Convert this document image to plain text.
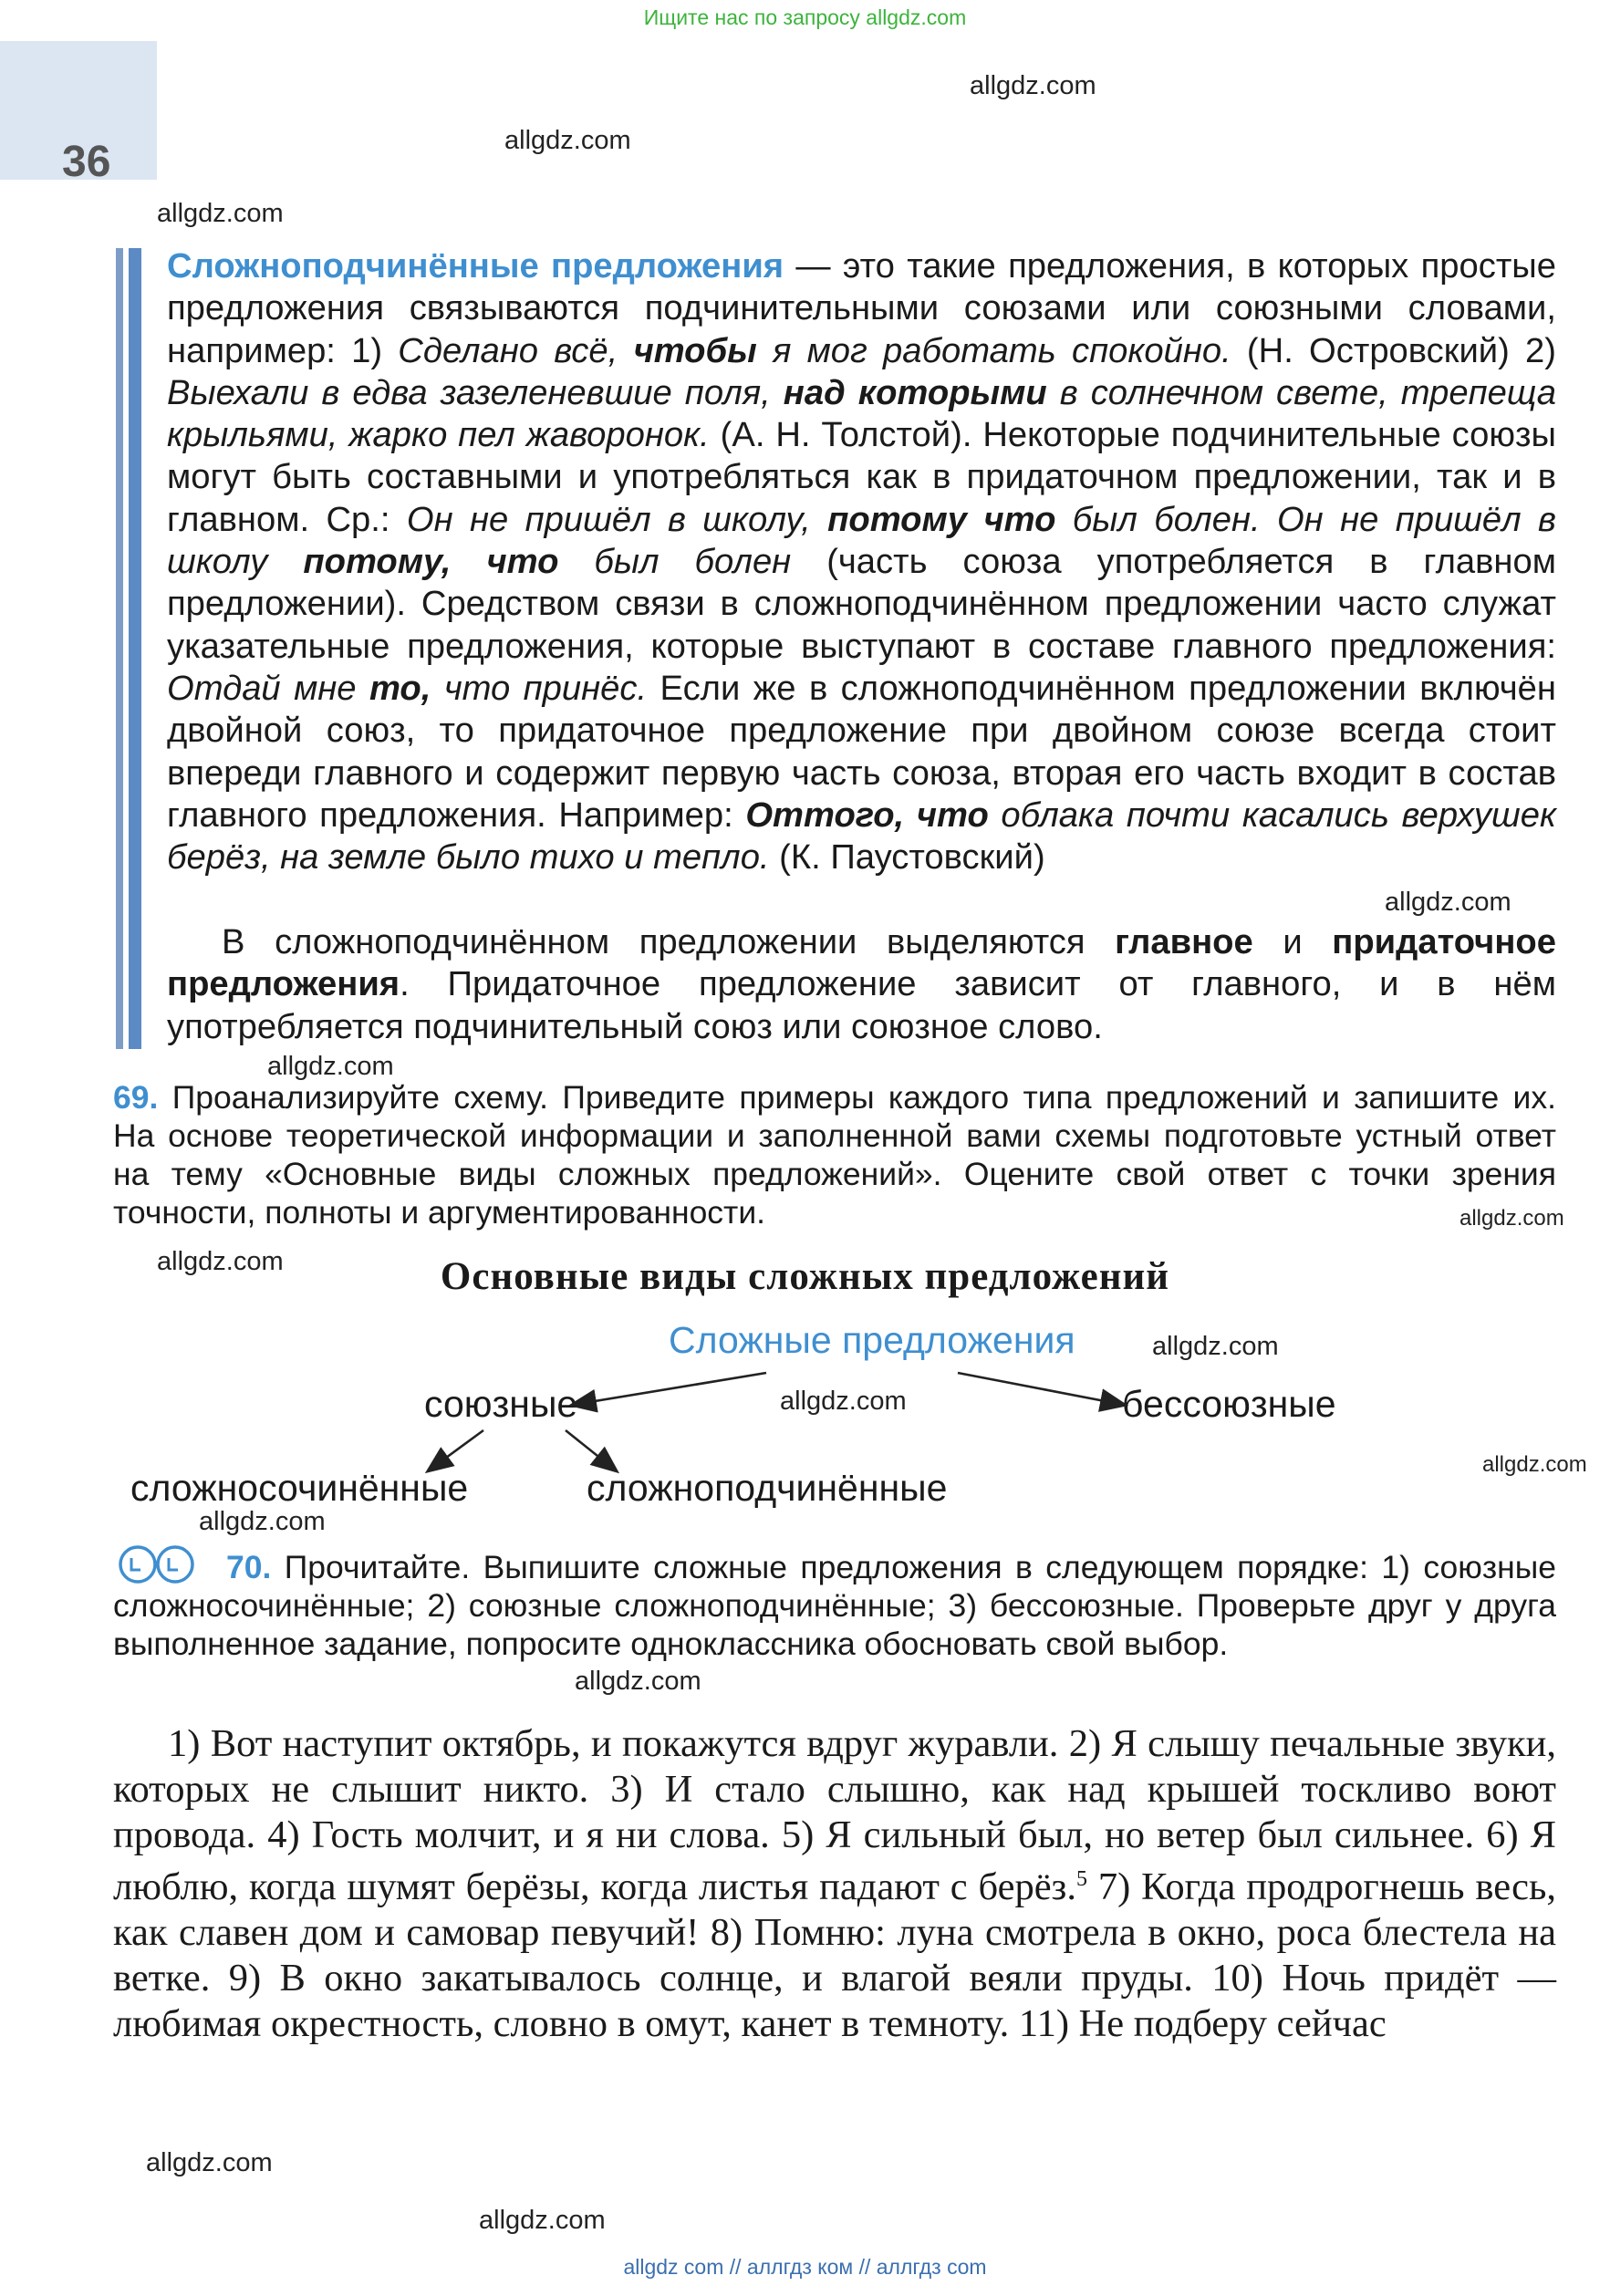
Ищите нас по запросу allgdz.com
36
allgdz.com
allgdz.com
allgdz.com
allgdz.com
allgdz.com
allgdz.com
allgdz.com
allgdz.com
allgdz.com
allgdz.com
allgdz.com
allgdz.com
allgdz.com
allgdz.com
Сложноподчинённые предложения — это такие предложения, в которых простые предложения связываются подчинительными союзами или союзными словами, например: 1) Сделано всё, чтобы я мог работать спокойно. (Н. Островский) 2) Выехали в едва зазеленевшие поля, над которыми в солнечном свете, трепеща крыльями, жарко пел жаворонок. (А. Н. Толстой). Некоторые подчинительные союзы могут быть составными и употребляться как в придаточном предложении, так и в главном. Ср.: Он не пришёл в школу, потому что был болен. Он не пришёл в школу потому, что был болен (часть союза употребляется в главном предложении). Средством связи в сложноподчинённом предложении часто служат указательные предложения, которые выступают в составе главного предложения: Отдай мне то, что принёс. Если же в сложноподчинённом предложении включён двойной союз, то придаточное предложение при двойном союзе всегда стоит впереди главного и содержит первую часть союза, вторая его часть входит в состав главного предложения. Например: Оттого, что облака почти касались верхушек берёз, на земле было тихо и тепло. (К. Паустовский)
В сложноподчинённом предложении выделяются главное и придаточное предложения. Придаточное предложение зависит от главного, и в нём употребляется подчинительный союз или союзное слово.
69. Проанализируйте схему. Приведите примеры каждого типа предложений и запишите их. На основе теоретической информации и заполненной вами схемы подготовьте устный ответ на тему «Основные виды сложных предложений». Оцените свой ответ с точки зрения точности, полноты и аргументированности.
Основные виды сложных предложений
Сложные предложения
союзные	бессоюзные
сложносочинённые	сложноподчинённые
70. Прочитайте. Выпишите сложные предложения в следующем порядке: 1) союзные сложносочинённые; 2) союзные сложноподчинённые; 3) бессоюзные. Проверьте друг у друга выполненное задание, попросите одноклассника обосновать свой выбор.
1) Вот наступит октябрь, и покажутся вдруг журавли. 2) Я слышу печальные звуки, которых не слышит никто. 3) И стало слышно, как над крышей тоскливо воют провода. 4) Гость молчит, и я ни слова. 5) Я сильный был, но ветер был сильнее. 6) Я люблю, когда шумят берёзы, когда листья падают с берёз.$^5$ 7) Когда продрогнешь весь, как славен дом и самовар певучий! 8) Помню: луна смотрела в окно, роса блестела на ветке. 9) В окно закатывалось солнце, и влагой веяли пруды. 10) Ночь придёт — любимая окрестность, словно в омут, канет в темноту. 11) Не подберу сейчас
allgdz com // аллгдз ком // аллгдз com
